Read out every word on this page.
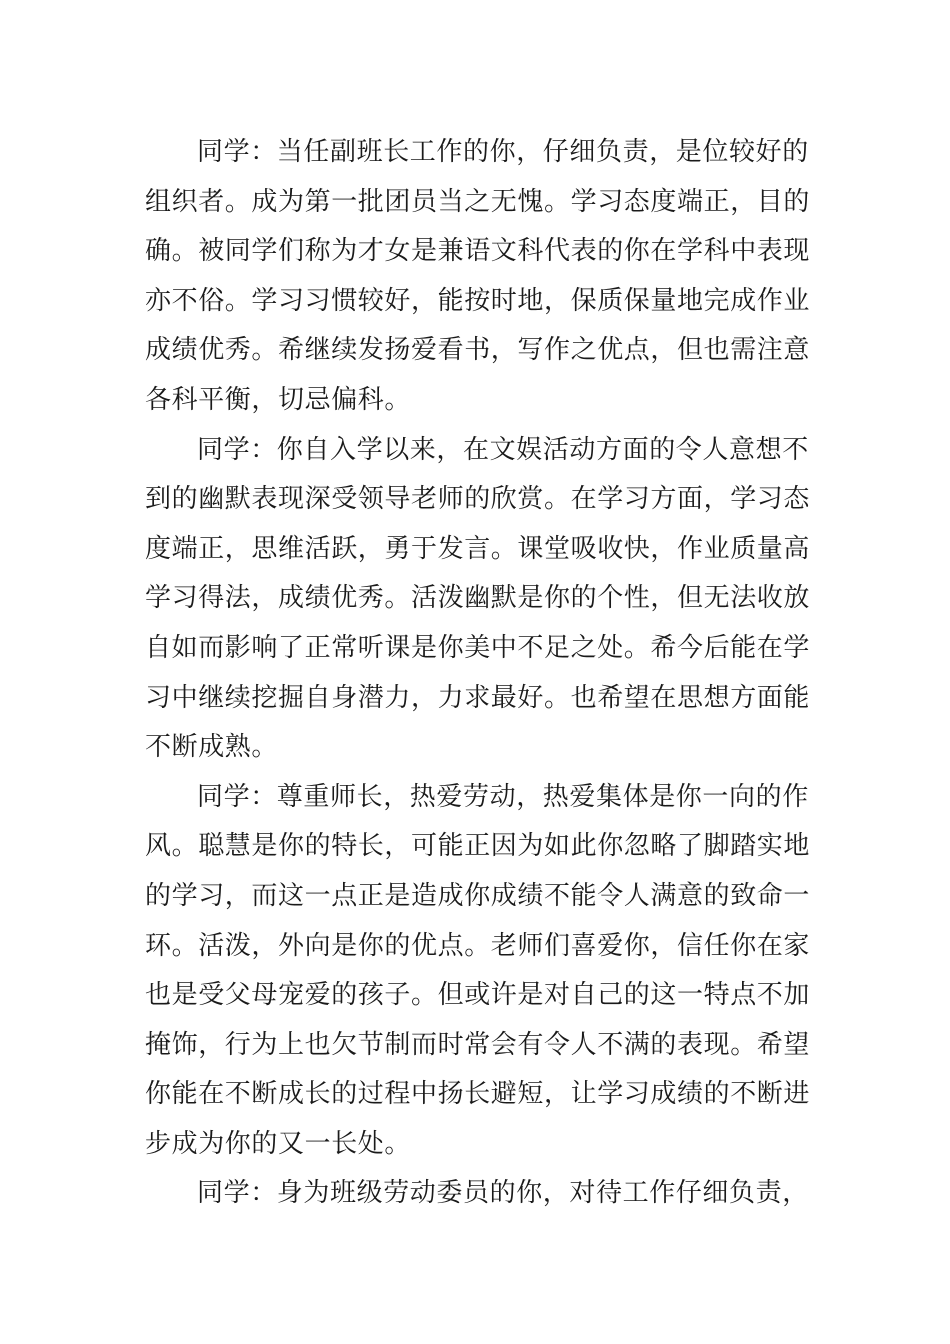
同学：当任副班长工作的你，仔细负责，是位较好的
组织者。成为第一批团员当之无愧。学习态度端正，目的
确。被同学们称为才女是兼语文科代表的你在学科中表现
亦不俗。学习习惯较好，能按时地，保质保量地完成作业
成绩优秀。希继续发扬爱看书，写作之优点，但也需注意
各科平衡，切忌偏科。
同学：你自入学以来，在文娱活动方面的令人意想不
到的幽默表现深受领导老师的欣赏。在学习方面，学习态
度端正，思维活跃，勇于发言。课堂吸收快，作业质量高
学习得法，成绩优秀。活泼幽默是你的个性，但无法收放
自如而影响了正常听课是你美中不足之处。希今后能在学
习中继续挖掘自身潜力，力求最好。也希望在思想方面能
不断成熟。
同学：尊重师长，热爱劳动，热爱集体是你一向的作
风。聪慧是你的特长，可能正因为如此你忽略了脚踏实地
的学习，而这一点正是造成你成绩不能令人满意的致命一
环。活泼，外向是你的优点。老师们喜爱你，信任你在家
也是受父母宠爱的孩子。但或许是对自己的这一特点不加
掩饰，行为上也欠节制而时常会有令人不满的表现。希望
你能在不断成长的过程中扬长避短，让学习成绩的不断进
步成为你的又一长处。
同学：身为班级劳动委员的你，对待工作仔细负责，
